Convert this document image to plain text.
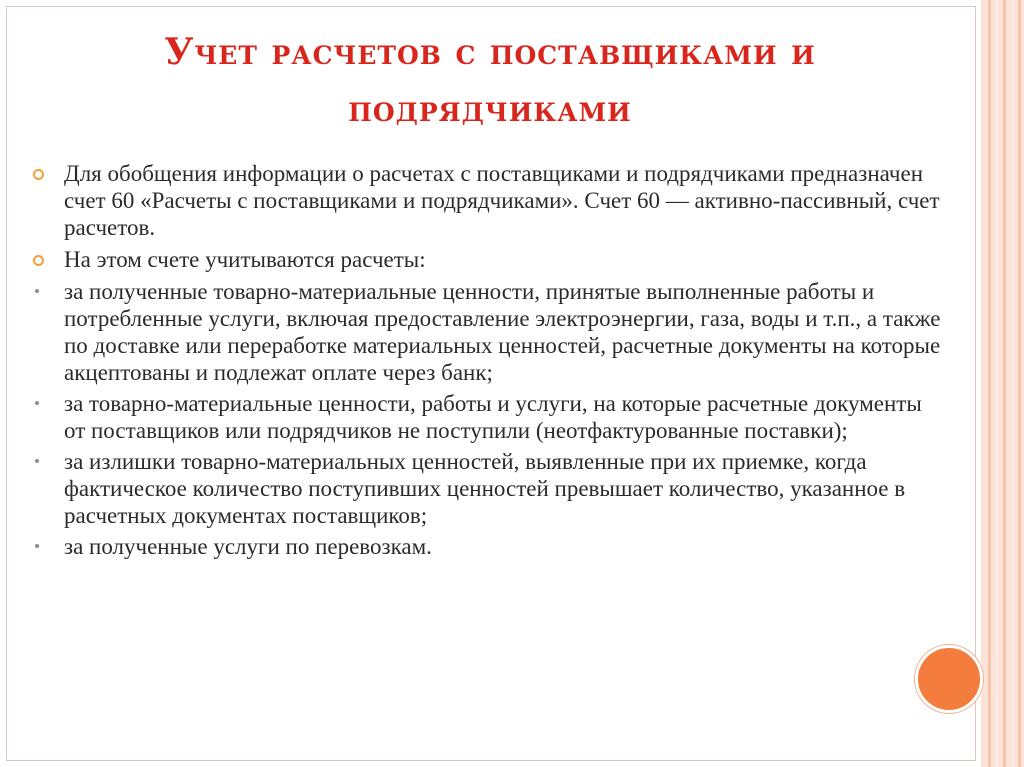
Учет расчетов с поставщиками и подрядчиками
Для обобщения информации о расчетах с поставщиками и подрядчиками предназначен счет 60 «Расчеты с поставщиками и подрядчиками». Счет 60 — активно-пассивный, счет расчетов.
На этом счете учитываются расчеты:
за полученные товарно-материальные ценности, принятые выполненные работы и потребленные услуги, включая предоставление электроэнергии, газа, воды и т.п., а также по доставке или переработке материальных ценностей, расчетные документы на которые акцептованы и подлежат оплате через банк;
за товарно-материальные ценности, работы и услуги, на которые расчетные документы от поставщиков или подрядчиков не поступили (неотфактурованные поставки);
за излишки товарно-материальных ценностей, выявленные при их приемке, когда фактическое количество поступивших ценностей превышает количество, указанное в расчетных документах поставщиков;
за полученные услуги по перевозкам.
